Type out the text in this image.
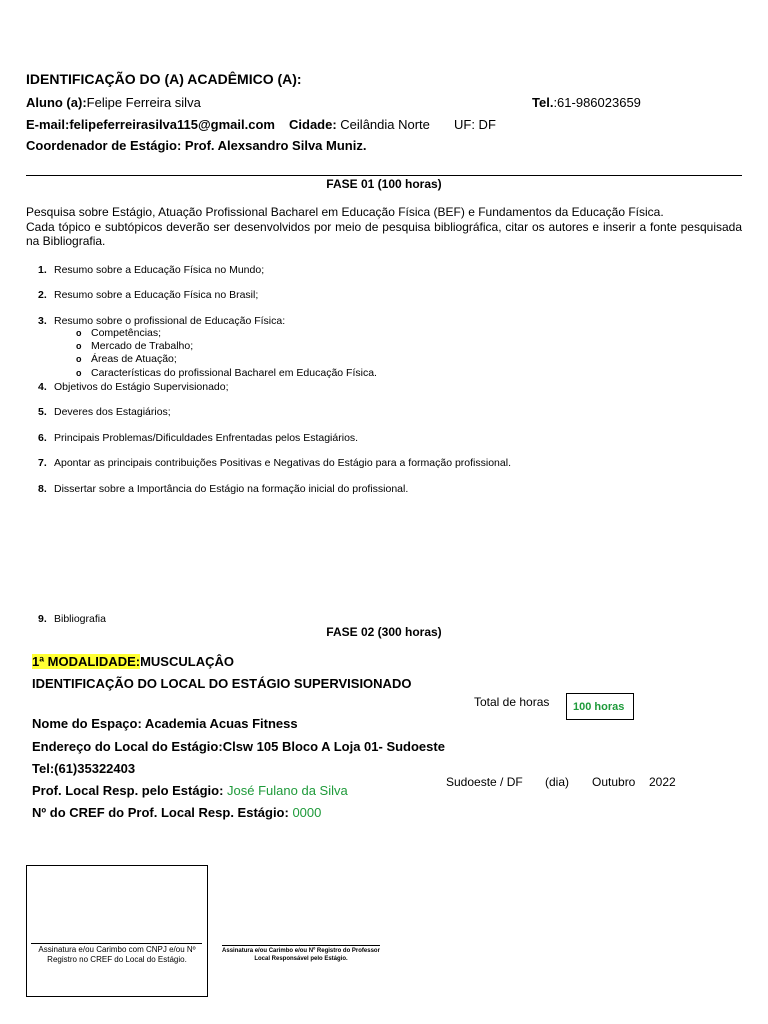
IDENTIFICAÇÃO DO (A) ACADÊMICO (A):
Aluno (a):Felipe Ferreira silva	Tel.:61-986023659
E-mail:felipeferreirasilva115@gmail.com Cidade: Ceilândia Norte UF: DF
Coordenador de Estágio: Prof. Alexsandro Silva Muniz.
FASE 01 (100 horas)

Pesquisa sobre Estágio, Atuação Profissional Bacharel em Educação Física (BEF) e Fundamentos da Educação Física.

Cada tópico e subtópicos deverão ser desenvolvidos por meio de pesquisa bibliográfica, citar os autores e inserir a fonte pesquisada na Bibliografia.

1. Resumo sobre a Educação Física no Mundo;
2. Resumo sobre a Educação Física no Brasil;
3. Resumo sobre o profissional de Educação Física:
o Competências;
o Mercado de Trabalho;
o Áreas de Atuação;
o Características do profissional Bacharel em Educação Física.
4. Objetivos do Estágio Supervisionado;
5. Deveres dos Estagiários;
6. Principais Problemas/Dificuldades Enfrentadas pelos Estagiários.
7. Apontar as principais contribuições Positivas e Negativas do Estágio para a formação profissional.
8. Dissertar sobre a Importância do Estágio na formação inicial do profissional.
9. Bibliografia
FASE 02 (300 horas)
1ª MODALIDADE:MUSCULAÇÂO
IDENTIFICAÇÃO DO LOCAL DO ESTÁGIO SUPERVISIONADO
Total de horas 100 horas
Nome do Espaço: Academia Acuas Fitness
Endereço do Local do Estágio:Clsw 105 Bloco A Loja 01- Sudoeste
Tel:(61)35322403
Prof. Local Resp. pelo Estágio: José Fulano da Silva
Sudoeste / DF (dia) Outubro 2022
Nº do CREF do Prof. Local Resp. Estágio: 0000
Assinatura e/ou Carimbo com CNPJ e/ou Nº Registro no CREF do Local do Estágio.
Assinatura e/ou Carimbo e/ou Nº Registro do Professor Local Responsável pelo Estágio.
